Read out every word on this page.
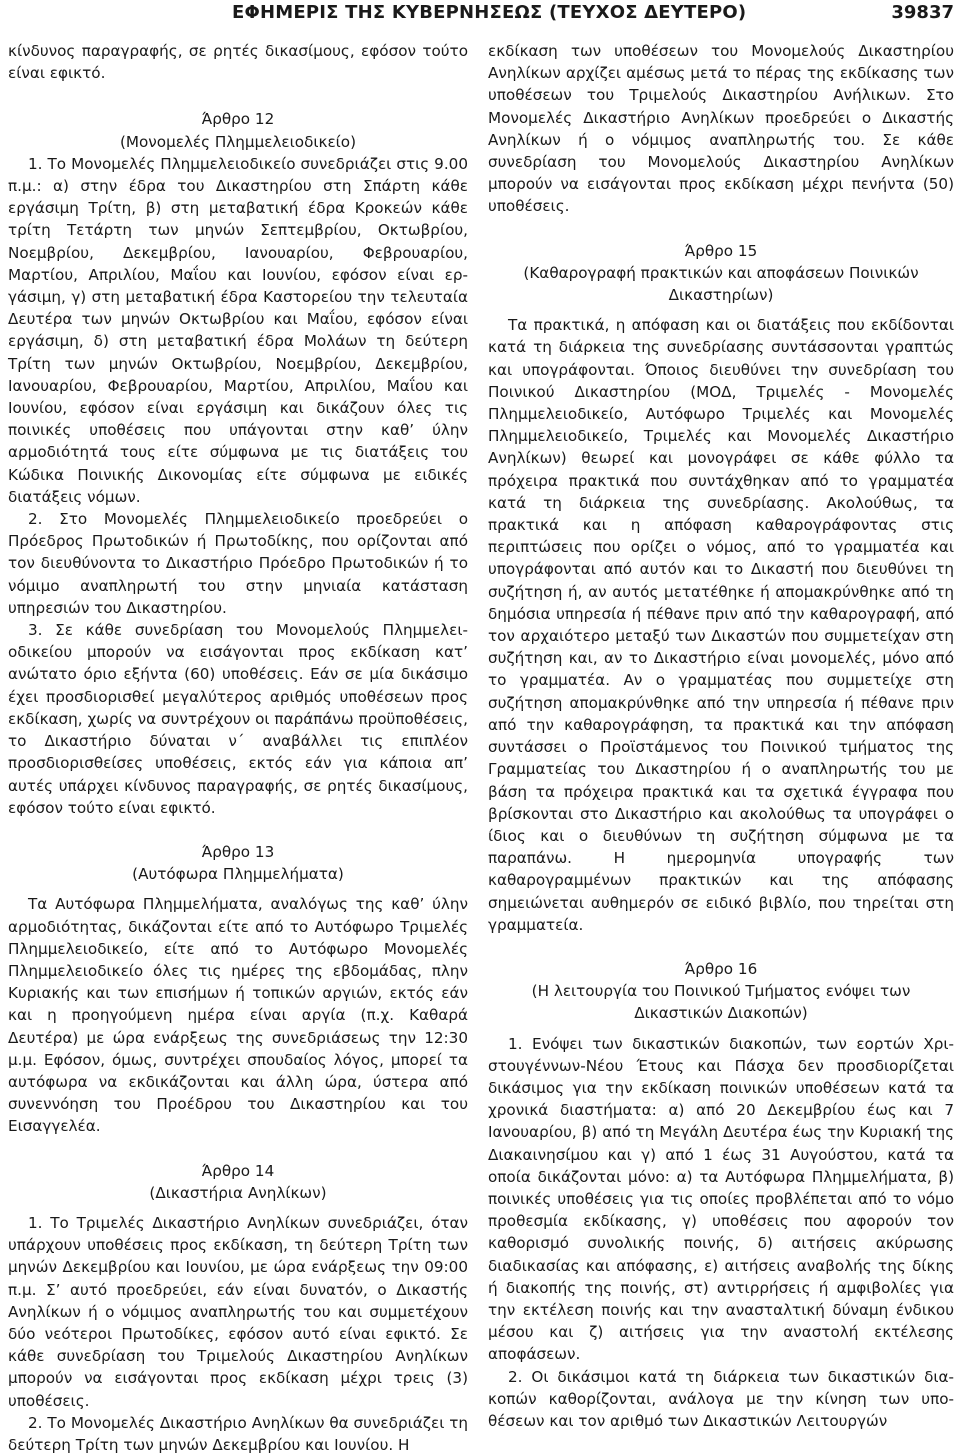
ΕΦΗΜΕΡΙΣ ΤΗΣ ΚΥΒΕΡΝΗΣΕΩΣ (ΤΕΥΧΟΣ ΔΕΥΤΕΡΟ)	39837

κίνδυνος παραγραφής, σε ρητές δικασίμους, εφόσον τούτο είναι εφικτό.

Άρθρο 12

(Μονομελές Πλημμελειοδικείο)

1. Το Μονομελές Πλημμελειοδικείο συνεδριάζει στις 9.00 π.μ.: α) στην έδρα του Δικαστηρίου στη Σπάρτη κάθε εργάσιμη Τρίτη, β) στη μεταβατική έδρα Κροκεών κάθε τρίτη Τετάρτη των μηνών Σεπτεμβρίου, Οκτωβρίου, Νοεμβρίου, Δεκεμβρίου, Ιανουαρίου, Φεβρουαρίου, Μαρτίου, Απριλίου, Μαΐου και Ιουνίου, εφόσον είναι εργάσιμη, γ) στη μεταβατική έδρα Καστορείου την τελευταία Δευτέρα των μηνών Οκτωβρίου και Μαΐου, εφόσον είναι εργάσιμη, δ) στη μεταβατική έδρα Μολάων τη δεύτερη Τρίτη των μηνών Οκτωβρίου, Νοεμβρίου, Δεκεμβρίου, Ιανουαρίου, Φεβρουαρίου, Μαρτίου, Απριλίου, Μαΐου και Ιουνίου, εφόσον είναι εργάσιμη και δικάζουν όλες τις ποινικές υποθέσεις που υπάγονται στην καθ’ ύλην αρμοδιότητά τους είτε σύμφωνα με τις διατάξεις του Κώδικα Ποινικής Δικονομίας είτε σύμφωνα με ειδικές διατάξεις νόμων.

2. Στο Μονομελές Πλημμελειοδικείο προεδρεύει ο Πρόεδρος Πρωτοδικών ή Πρωτοδίκης, που ορίζονται από τον διευθύνοντα το Δικαστήριο Πρόεδρο Πρωτοδικών ή το νόμιμο αναπληρωτή του στην μηνιαία κατάσταση υπηρεσιών του Δικαστηρίου.

3. Σε κάθε συνεδρίαση του Μονομελούς Πλημμελειοδικείου μπορούν να εισάγονται προς εκδίκαση κατ’ ανώτατο όριο εξήντα (60) υποθέσεις. Εάν σε μία δικάσιμο έχει προσδιορισθεί μεγαλύτερος αριθμός υποθέσεων προς εκδίκαση, χωρίς να συντρέχουν οι παράπάνω προϋποθέσεις, το Δικαστήριο δύναται ν΄ αναβάλλει τις επιπλέον προσδιορισθείσες υποθέσεις, εκτός εάν για κάποια απ’ αυτές υπάρχει κίνδυνος παραγραφής, σε ρητές δικασίμους, εφόσον τούτο είναι εφικτό.

Άρθρο 13

(Αυτόφωρα Πλημμελήματα)

Τα Αυτόφωρα Πλημμελήματα, αναλόγως της καθ’ ύλην αρμοδιότητας, δικάζονται είτε από το Αυτόφωρο Τριμελές Πλημμελειοδικείο, είτε από το Αυτόφωρο Μονομελές Πλημμελειοδικείο όλες τις ημέρες της εβδομάδας, πλην Κυριακής και των επισήμων ή τοπικών αργιών, εκτός εάν και η προηγούμενη ημέρα είναι αργία (π.χ. Καθαρά Δευτέρα) με ώρα ενάρξεως της συνεδριάσεως την 12:30 μ.μ. Εφόσον, όμως, συντρέχει σπουδαίος λόγος, μπορεί τα αυτόφωρα να εκδικάζονται και άλλη ώρα, ύστερα από συνεννόηση του Προέδρου του Δικαστηρίου και του Εισαγγελέα.

Άρθρο 14

(Δικαστήρια Ανηλίκων)

1. Το Τριμελές Δικαστήριο Ανηλίκων συνεδριάζει, όταν υπάρχουν υποθέσεις προς εκδίκαση, τη δεύτερη Τρίτη των μηνών Δεκεμβρίου και Ιουνίου, με ώρα ενάρξεως την 09:00 π.μ. Σ’ αυτό προεδρεύει, εάν είναι δυνατόν, ο Δικαστής Ανηλίκων ή ο νόμιμος αναπληρωτής του και συμμετέχουν δύο νεότεροι Πρωτοδίκες, εφόσον αυτό είναι εφικτό. Σε κάθε συνεδρίαση του Τριμελούς Δικαστηρίου Ανηλίκων μπορούν να εισάγονται προς εκδίκαση μέχρι τρεις (3) υποθέσεις.

2. Το Μονομελές Δικαστήριο Ανηλίκων θα συνεδριάζει τη δεύτερη Τρίτη των μηνών Δεκεμβρίου και Ιουνίου. Η

εκδίκαση των υποθέσεων του Μονομελούς Δικαστηρίου Ανηλίκων αρχίζει αμέσως μετά το πέρας της εκδίκασης των υποθέσεων του Τριμελούς Δικαστηρίου Ανήλικων. Στο Μονομελές Δικαστήριο Ανηλίκων προεδρεύει ο Δικαστής Ανηλίκων ή ο νόμιμος αναπληρωτής του. Σε κάθε συνεδρίαση του Μονομελούς Δικαστηρίου Ανηλίκων μπορούν να εισάγονται προς εκδίκαση μέχρι πενήντα (50) υποθέσεις.

Άρθρο 15

(Καθαρογραφή πρακτικών και αποφάσεων Ποινικών Δικαστηρίων)

Τα πρακτικά, η απόφαση και οι διατάξεις που εκδίδονται κατά τη διάρκεια της συνεδρίασης συντάσσονται γραπτώς και υπογράφονται. Όποιος διευθύνει την συνεδρίαση του Ποινικού Δικαστηρίου (ΜΟΔ, Τριμελές - Μονομελές Πλημμελειοδικείο, Αυτόφωρο Τριμελές και Μονομελές Πλημμελειοδικείο, Τριμελές και Μονομελές Δικαστήριο Ανηλίκων) θεωρεί και μονογράφει σε κάθε φύλλο τα πρόχειρα πρακτικά που συντάχθηκαν από το γραμματέα κατά τη διάρκεια της συνεδρίασης. Ακολούθως, τα πρακτικά και η απόφαση καθαρογράφοντας στις περιπτώσεις που ορίζει ο νόμος, από το γραμματέα και υπογράφονται από αυτόν και το Δικαστή που διευθύνει τη συζήτηση ή, αν αυτός μετατέθηκε ή απομακρύνθηκε από τη δημόσια υπηρεσία ή πέθανε πριν από την καθαρογραφή, από τον αρχαιότερο μεταξύ των Δικαστών που συμμετείχαν στη συζήτηση και, αν το Δικαστήριο είναι μονομελές, μόνο από το γραμματέα. Αν ο γραμματέας που συμμετείχε στη συζήτηση απομακρύνθηκε από την υπηρεσία ή πέθανε πριν από την καθαρογράφηση, τα πρακτικά και την απόφαση συντάσσει ο Προϊστάμενος του Ποινικού τμήματος της Γραμματείας του Δικαστηρίου ή ο αναπληρωτής του με βάση τα πρόχειρα πρακτικά και τα σχετικά έγγραφα που βρίσκονται στο Δικαστήριο και ακολούθως τα υπογράφει ο ίδιος και ο διευθύνων τη συζήτηση σύμφωνα με τα παραπάνω. Η ημερομηνία υπογραφής των καθαρογραμμένων πρακτικών και της απόφασης σημειώνεται αυθημερόν σε ειδικό βιβλίο, που τηρείται στη γραμματεία.

Άρθρο 16

(Η λειτουργία του Ποινικού Τμήματος ενόψει των Δικαστικών Διακοπών)

1. Ενόψει των δικαστικών διακοπών, των εορτών Χριστουγέννων-Νέου Έτους και Πάσχα δεν προσδιορίζεται δικάσιμος για την εκδίκαση ποινικών υποθέσεων κατά τα χρονικά διαστήματα: α) από 20 Δεκεμβρίου έως και 7 Ιανουαρίου, β) από τη Μεγάλη Δευτέρα έως την Κυριακή της Διακαινησίμου και γ) από 1 έως 31 Αυγούστου, κατά τα οποία δικάζονται μόνο: α) τα Αυτόφωρα Πλημμελήματα, β) ποινικές υποθέσεις για τις οποίες προβλέπεται από το νόμο προθεσμία εκδίκασης, γ) υποθέσεις που αφορούν τον καθορισμό συνολικής ποινής, δ) αιτήσεις ακύρωσης διαδικασίας και απόφασης, ε) αιτήσεις αναβολής της δίκης ή διακοπής της ποινής, στ) αντιρρήσεις ή αμφιβολίες για την εκτέλεση ποινής και την ανασταλτική δύναμη ένδικου μέσου και ζ) αιτήσεις για την αναστολή εκτέλεσης αποφάσεων.

2. Οι δικάσιμοι κατά τη διάρκεια των δικαστικών διακοπών καθορίζονται, ανάλογα με την κίνηση των υποθέσεων και τον αριθμό των Δικαστικών Λειτουργών
